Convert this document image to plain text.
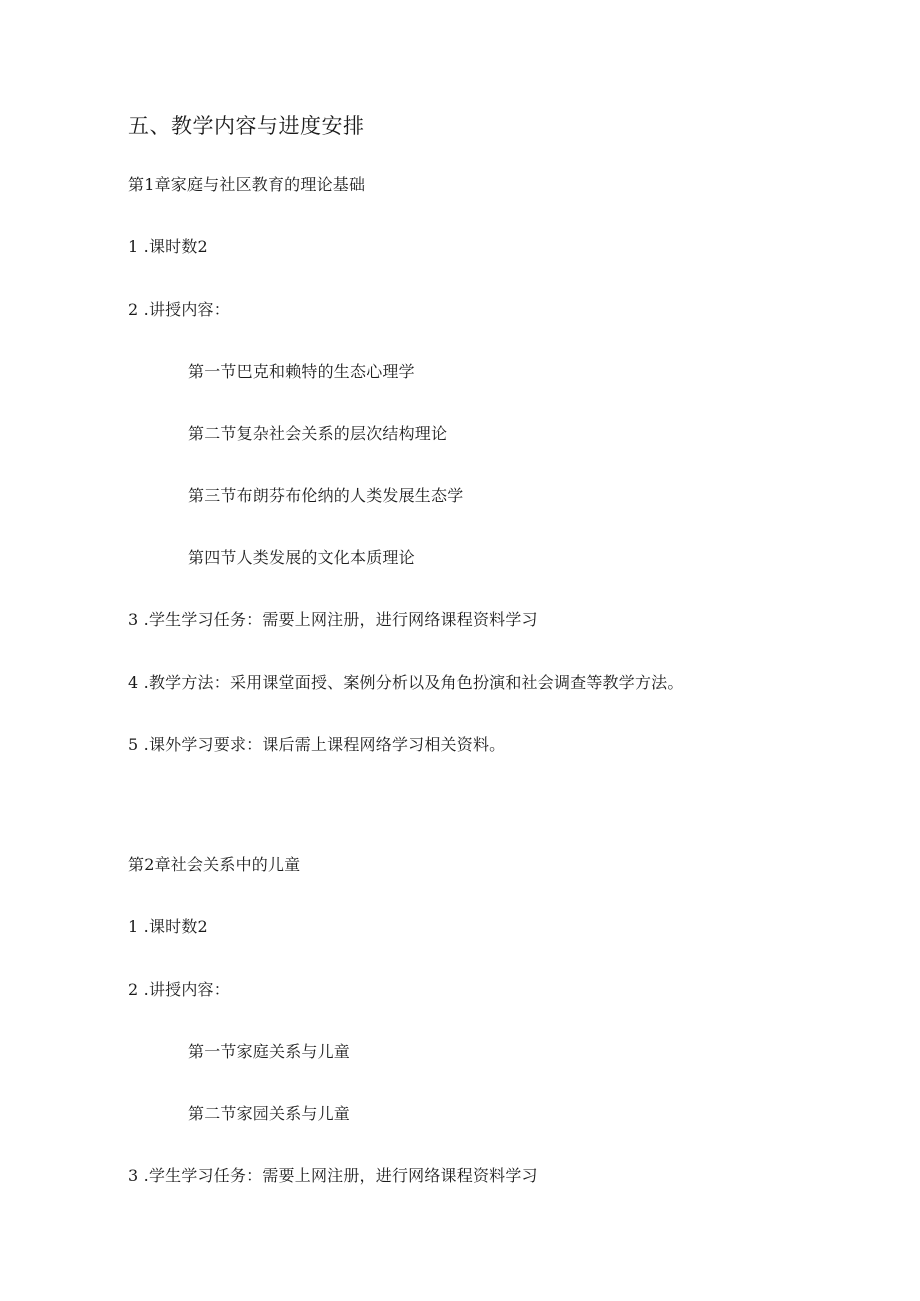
五、教学内容与进度安排
第1章家庭与社区教育的理论基础
1 .课时数2
2 .讲授内容：
第一节巴克和赖特的生态心理学
第二节复杂社会关系的层次结构理论
第三节布朗芬布伦纳的人类发展生态学
第四节人类发展的文化本质理论
3 .学生学习任务：需要上网注册，进行网络课程资料学习
4 .教学方法：采用课堂面授、案例分析以及角色扮演和社会调查等教学方法。
5 .课外学习要求：课后需上课程网络学习相关资料。
第2章社会关系中的儿童
1 .课时数2
2 .讲授内容：
第一节家庭关系与儿童
第二节家园关系与儿童
3 .学生学习任务：需要上网注册，进行网络课程资料学习
